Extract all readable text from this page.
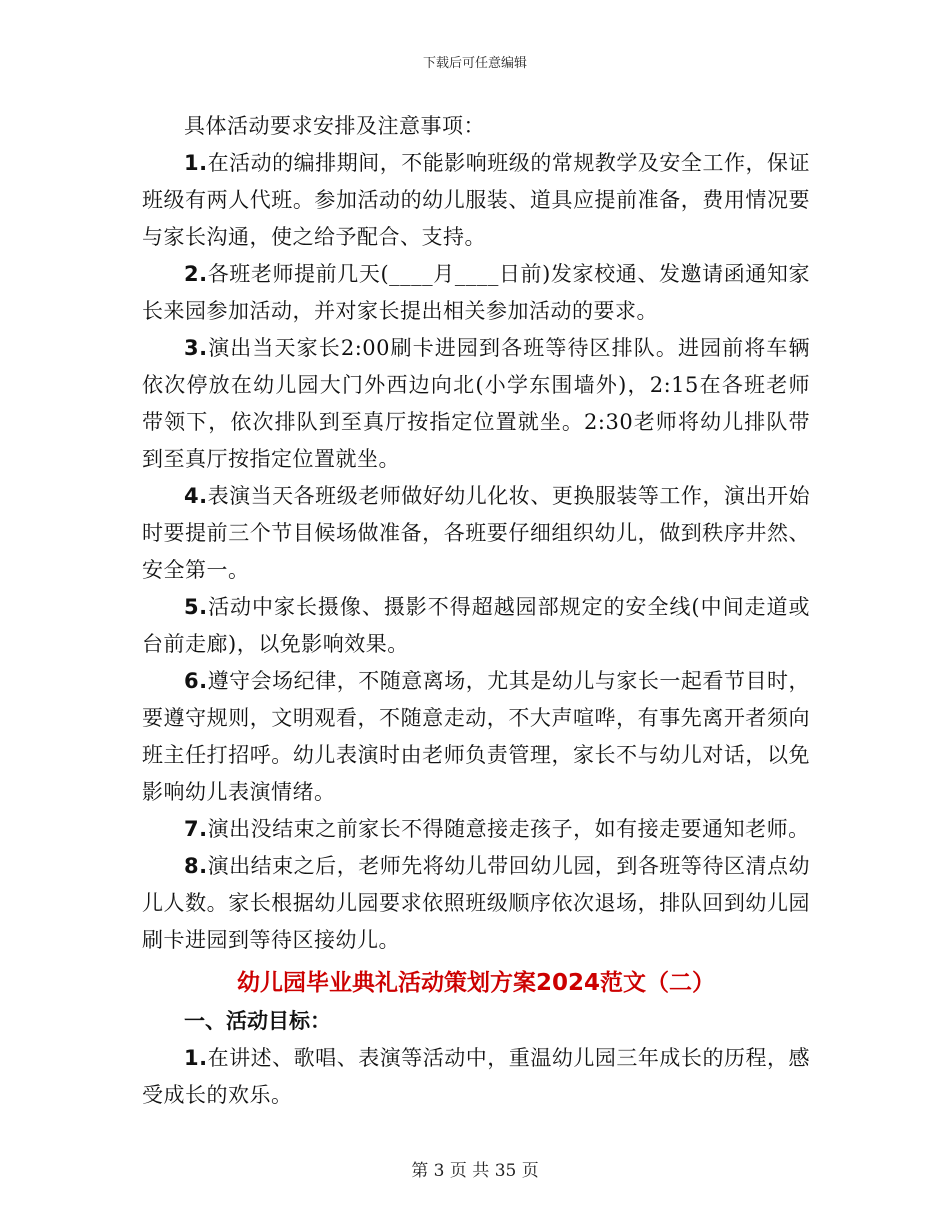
下载后可任意编辑

具体活动要求安排及注意事项：

1.在活动的编排期间，不能影响班级的常规教学及安全工作，保证班级有两人代班。参加活动的幼儿服装、道具应提前准备，费用情况要与家长沟通，使之给予配合、支持。

2.各班老师提前几天(____月____日前)发家校通、发邀请函通知家长来园参加活动，并对家长提出相关参加活动的要求。

3.演出当天家长2:00刷卡进园到各班等待区排队。进园前将车辆依次停放在幼儿园大门外西边向北(小学东围墙外)，2:15在各班老师带领下，依次排队到至真厅按指定位置就坐。2:30老师将幼儿排队带到至真厅按指定位置就坐。

4.表演当天各班级老师做好幼儿化妆、更换服装等工作，演出开始时要提前三个节目候场做准备，各班要仔细组织幼儿，做到秩序井然、安全第一。

5.活动中家长摄像、摄影不得超越园部规定的安全线(中间走道或台前走廊)，以免影响效果。

6.遵守会场纪律，不随意离场，尤其是幼儿与家长一起看节目时，要遵守规则，文明观看，不随意走动，不大声喧哗，有事先离开者须向班主任打招呼。幼儿表演时由老师负责管理，家长不与幼儿对话，以免影响幼儿表演情绪。

7.演出没结束之前家长不得随意接走孩子，如有接走要通知老师。

8.演出结束之后，老师先将幼儿带回幼儿园，到各班等待区清点幼儿人数。家长根据幼儿园要求依照班级顺序依次退场，排队回到幼儿园刷卡进园到等待区接幼儿。

幼儿园毕业典礼活动策划方案2024范文（二）

一、活动目标：

1.在讲述、歌唱、表演等活动中，重温幼儿园三年成长的历程，感受成长的欢乐。

第 3 页 共 35 页
